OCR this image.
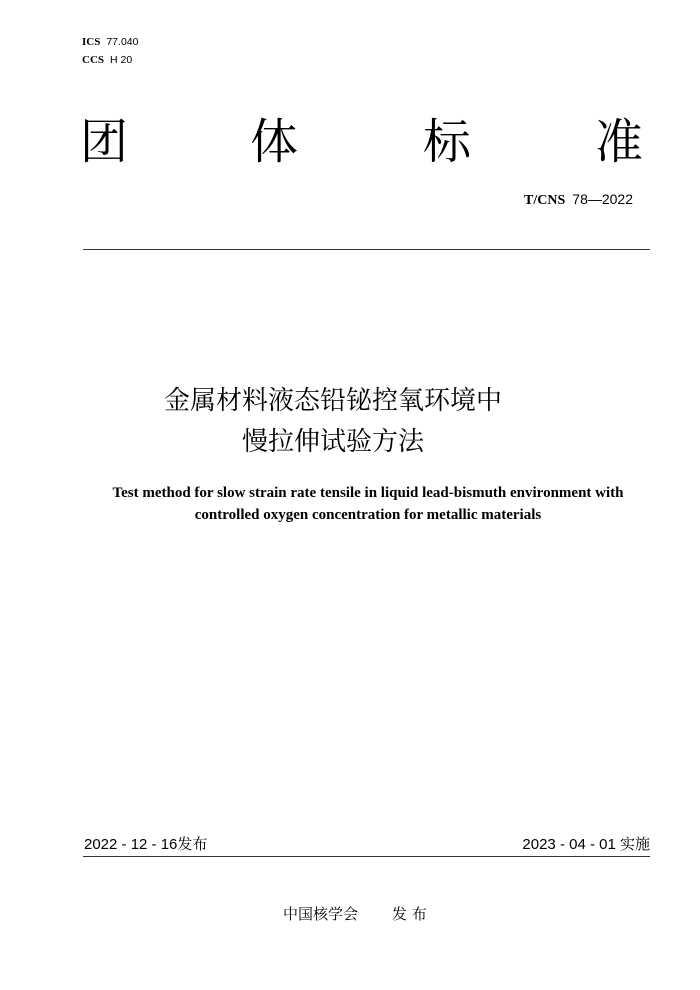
ICS 77.040
CCS H 20
团	体	标	准
T/CNS 78—2022
金属材料液态铅铋控氧环境中
慢拉伸试验方法
Test method for slow strain rate tensile in liquid lead-bismuth environment with
controlled oxygen concentration for metallic materials
2022 - 12 - 16发布	2023 - 04 - 01 实施
中国核学会 发 布
